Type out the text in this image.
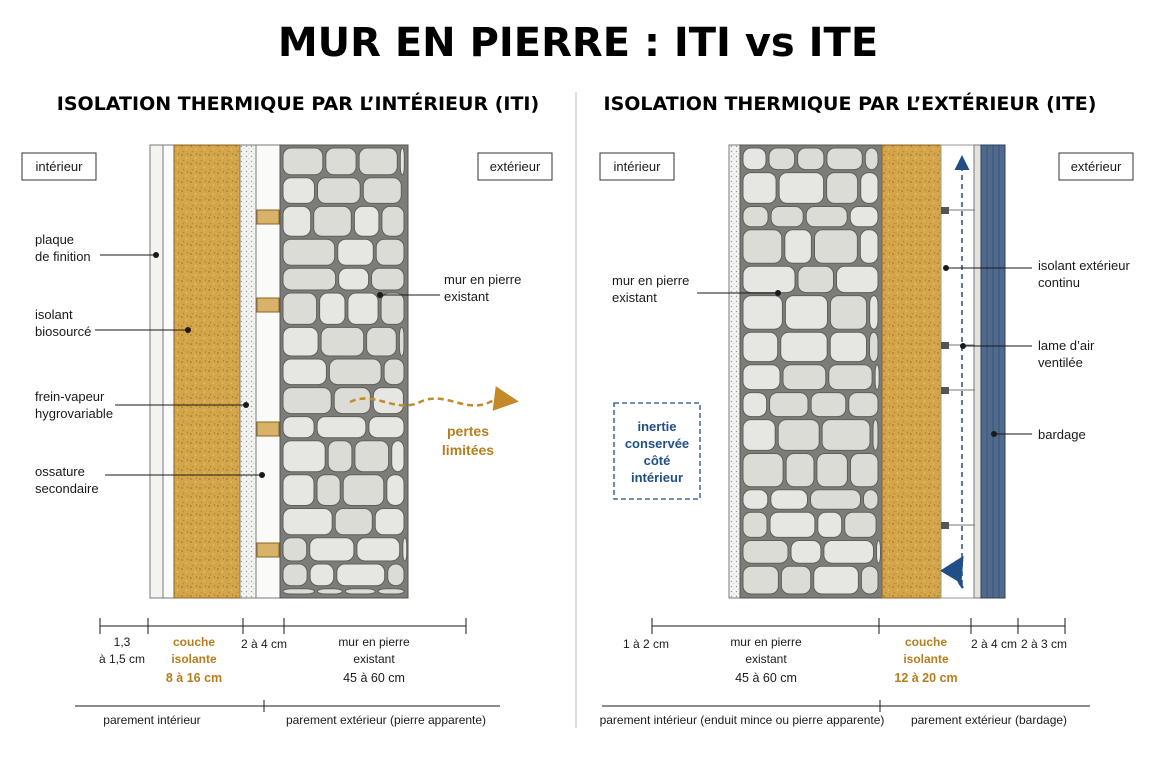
MUR EN PIERRE : ITI vs ITE
ISOLATION THERMIQUE PAR L’INTÉRIEUR (ITI)
intérieur	extérieur
plaque
de finition
isolant
biosourcé
frein-vapeur
hygrovariable
ossature
secondaire
mur en pierre
existant
pertes
limitées
1,3
à 1,5 cm
couche
isolante
8 à 16 cm
2 à 4 cm	mur en pierre
existant
45 à 60 cm
parement intérieur	parement extérieur (pierre apparente)
ISOLATION THERMIQUE PAR L’EXTÉRIEUR (ITE)
intérieur	extérieur
mur en pierre
existant
isolant extérieur
continu
lame d’air
ventilée
bardage
inertie
conservée
côté
intérieur
1 à 2 cm	mur en pierre
existant
45 à 60 cm
couche
isolante
12 à 20 cm
2 à 4 cm 2 à 3 cm
parement intérieur (enduit mince ou pierre apparente) parement extérieur (bardage)
